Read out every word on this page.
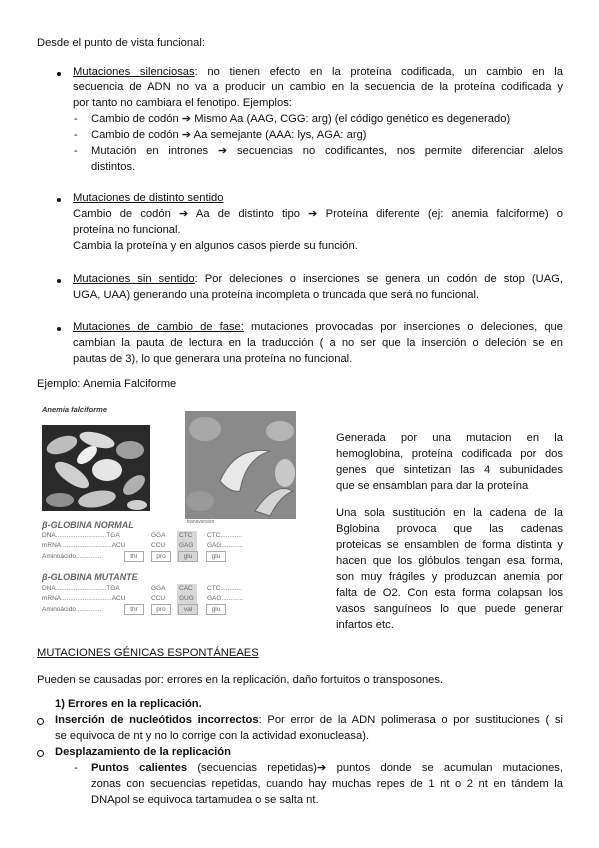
Desde el punto de vista funcional:
Mutaciones silenciosas: no tienen efecto en la proteína codificada, un cambio en la
secuencia de ADN no va a producir un cambio en la secuencia de la proteína codificada y
por tanto no cambiara el fenotipo. Ejemplos:
- Cambio de codón ➔ Mismo Aa (AAG, CGG: arg) (el código genético es degenerado)
- Cambio de codón ➔ Aa semejante (AAA: lys, AGA: arg)
- Mutación en intrones ➔ secuencias no codificantes, nos permite diferenciar alelos
distintos.
Mutaciones de distinto sentido
Cambio de codón ➔ Aa de distinto tipo ➔ Proteína diferente (ej: anemia falciforme) o
proteína no funcional.
Cambia la proteína y en algunos casos pierde su función.
Mutaciones sin sentido: Por deleciones o inserciones se genera un codón de stop (UAG,
UGA, UAA) generando una proteína incompleta o truncada que será no funcional.
Mutaciones de cambio de fase: mutaciones provocadas por inserciones o deleciones, que
cambian la pauta de lectura en la traducción ( a no ser que la inserción o deleción se en
pautas de 3), lo que generara una proteína no funcional.
Ejemplo: Anemia Falciforme
Anemia falciforme
β-GLOBINA NORMAL	transversion
DNA............................TGA	GGA CTC CTC............
mRNA............................ACU	CCU GAG GAG............
Aminoácido..............	thr	pro	glu	glu
β-GLOBINA MUTANTE
DNA............................TGA	GGA CAC CTC............
mRNA............................ACU	CCU GUG GAG............
Aminoácido..............	thr	pro	val	glu
Generada por una mutacion en la
hemoglobina, proteína codificada por dos
genes que sintetizan las 4 subunidades
que se ensamblan para dar la proteína
Una sola sustitución en la cadena de la
Bglobina provoca que las cadenas
proteicas se ensamblen de forma distinta y
hacen que los glóbulos tengan esa forma,
son muy frágiles y produzcan anemia por
falta de O2. Con esta forma colapsan los
vasos sanguíneos lo que puede generar
infartos etc.
MUTACIONES GÉNICAS ESPONTÁNEAES
Pueden se causadas por: errores en la replicación, daño fortuitos o transposones.
1) Errores en la replicación.
Inserción de nucleótidos incorrectos: Por error de la ADN polimerasa o por sustituciones ( si
se equivoca de nt y no lo corrige con la actividad exonucleasa).
Desplazamiento de la replicación
- Puntos calientes (secuencias repetidas)➔ puntos donde se acumulan mutaciones,
zonas con secuencias repetidas, cuando hay muchas repes de 1 nt o 2 nt en tándem la
DNApol se equivoca tartamudea o se salta nt.
